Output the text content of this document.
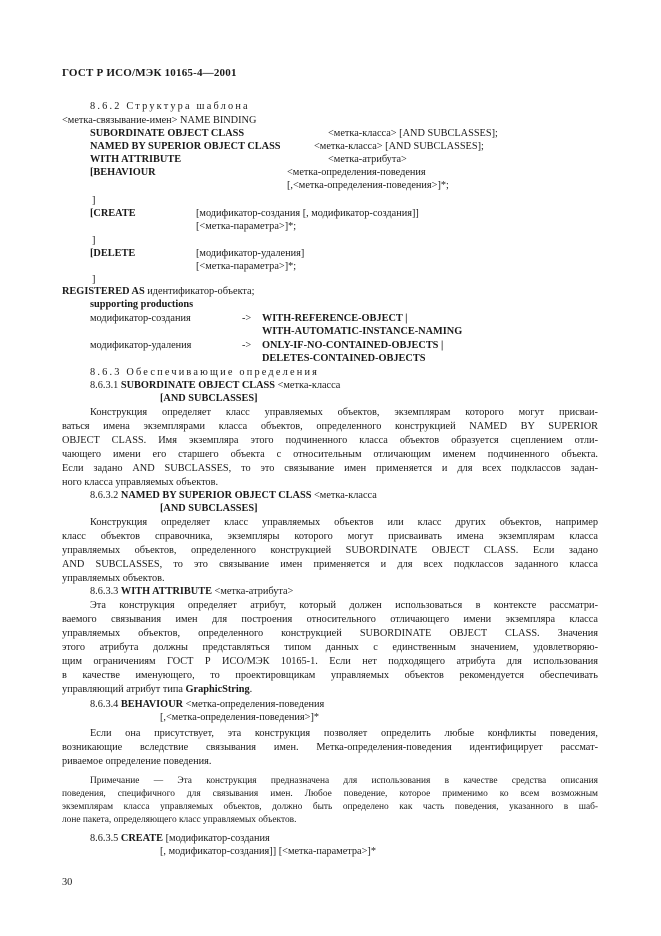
ГОСТ Р ИСО/МЭК 10165-4—2001
8.6.2 Структура шаблона
<метка-связывание-имен> NAME BINDING
SUBORDINATE OBJECT CLASS	<метка-класса> [AND SUBCLASSES];
NAMED BY SUPERIOR OBJECT CLASS	<метка-класса> [AND SUBCLASSES];
WITH ATTRIBUTE	<метка-атрибута>
[BEHAVIOUR	<метка-определения-поведения
[,<метка-определения-поведения>]*;
]
[CREATE	[модификатор-создания [, модификатор-создания]]
[<метка-параметра>]*;
]
[DELETE	[модификатор-удаления]
[<метка-параметра>]*;
]
REGISTERED AS идентификатор-объекта;
supporting productions
модификатор-создания	-> WITH-REFERENCE-OBJECT |
WITH-AUTOMATIC-INSTANCE-NAMING
модификатор-удаления	-> ONLY-IF-NO-CONTAINED-OBJECTS |
DELETES-CONTAINED-OBJECTS
8.6.3 Обеспечивающие определения
8.6.3.1 SUBORDINATE OBJECT CLASS <метка-класса
[AND SUBCLASSES]
Конструкция определяет класс управляемых объектов, экземплярам которого могут присваи-
ваться имена экземплярами класса объектов, определенного конструкцией NAMED BY SUPERIOR
OBJECT CLASS. Имя экземпляра этого подчиненного класса объектов образуется сцеплением отли-
чающего имени его старшего объекта с относительным отличающим именем подчиненного объекта.
Если задано AND SUBCLASSES, то это связывание имен применяется и для всех подклассов задан-
ного класса управляемых объектов.
8.6.3.2 NAMED BY SUPERIOR OBJECT CLASS <метка-класса
[AND SUBCLASSES]
Конструкция определяет класс управляемых объектов или класс других объектов, например
класс объектов справочника, экземпляры которого могут присваивать имена экземплярам класса
управляемых объектов, определенного конструкцией SUBORDINATE OBJECT CLASS. Если задано
AND SUBCLASSES, то это связывание имен применяется и для всех подклассов заданного класса
управляемых объектов.
8.6.3.3 WITH ATTRIBUTE <метка-атрибута>
Эта конструкция определяет атрибут, который должен использоваться в контексте рассматри-
ваемого связывания имен для построения относительного отличающего имени экземпляра класса
управляемых объектов, определенного конструкцией SUBORDINATE OBJECT CLASS. Значения
этого атрибута должны представляться типом данных с единственным значением, удовлетворяю-
щим ограничениям ГОСТ Р ИСО/МЭК 10165-1. Если нет подходящего атрибута для использования
в качестве именующего, то проектировщикам управляемых объектов рекомендуется обеспечивать
управляющий атрибут типа GraphicString.
8.6.3.4 BEHAVIOUR <метка-определения-поведения
[,<метка-определения-поведения>]*
Если она присутствует, эта конструкция позволяет определить любые конфликты поведения,
возникающие вследствие связывания имен. Метка-определения-поведения идентифицирует рассмат-
риваемое определение поведения.
Примечание — Эта конструкция предназначена для использования в качестве средства описания
поведения, специфичного для связывания имен. Любое поведение, которое применимо ко всем возможным
экземплярам класса управляемых объектов, должно быть определено как часть поведения, указанного в шаб-
лоне пакета, определяющего класс управляемых объектов.
8.6.3.5 CREATE [модификатор-создания
[, модификатор-создания]] [<метка-параметра>]*
30
